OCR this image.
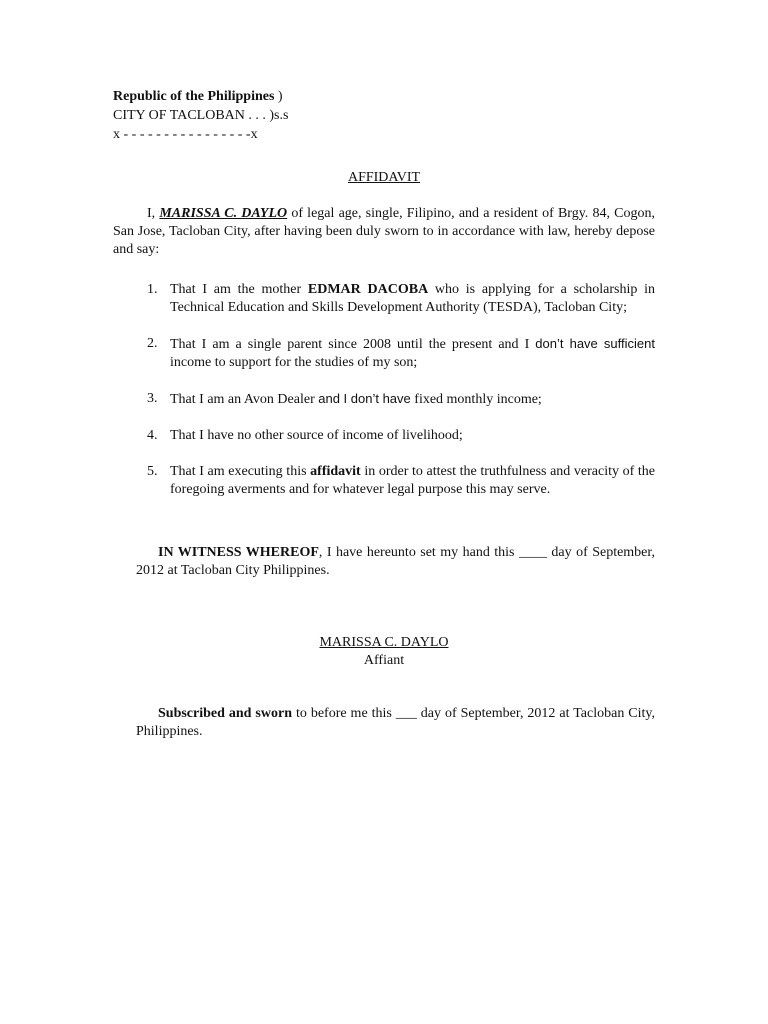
Republic of the Philippines )
CITY OF TACLOBAN . . . )s.s
x - - - - - - - - - - - - - - - -x
AFFIDAVIT
I, MARISSA C. DAYLO of legal age, single, Filipino, and a resident of Brgy. 84, Cogon, San Jose, Tacloban City, after having been duly sworn to in accordance with law, hereby depose and say:
1. That I am the mother EDMAR DACOBA who is applying for a scholarship in Technical Education and Skills Development Authority (TESDA), Tacloban City;
2. That I am a single parent since 2008 until the present and I don’t have sufficient income to support for the studies of my son;
3. That I am an Avon Dealer and I don’t have fixed monthly income;
4. That I have no other source of income of livelihood;
5. That I am executing this affidavit in order to attest the truthfulness and veracity of the foregoing averments and for whatever legal purpose this may serve.
IN WITNESS WHEREOF, I have hereunto set my hand this ____ day of September, 2012 at Tacloban City Philippines.
MARISSA C. DAYLO
Affiant
Subscribed and sworn to before me this ___ day of September, 2012 at Tacloban City, Philippines.
